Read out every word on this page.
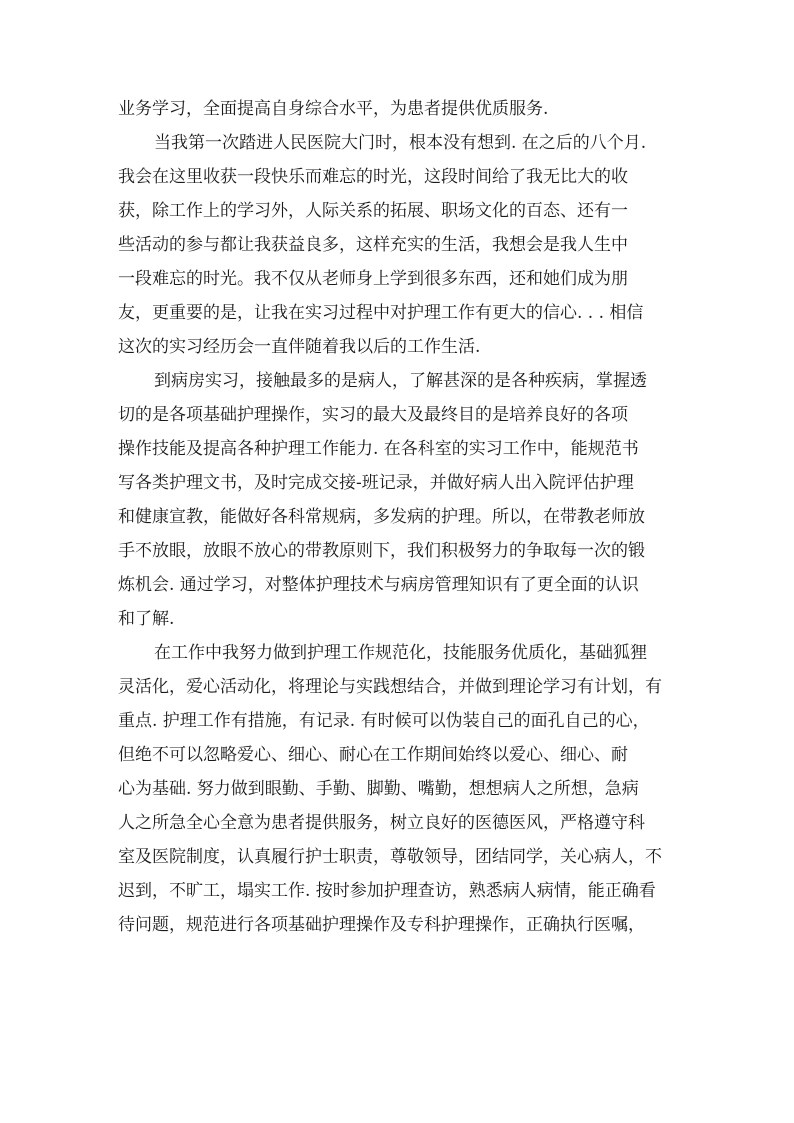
业务学习，全面提高自身综合水平，为患者提供优质服务.
当我第一次踏进人民医院大门时，根本没有想到. 在之后的八个月.
我会在这里收获一段快乐而难忘的时光，这段时间给了我无比大的收
获，除工作上的学习外，人际关系的拓展、职场文化的百态、还有一
些活动的参与都让我获益良多，这样充实的生活，我想会是我人生中
一段难忘的时光。我不仅从老师身上学到很多东西，还和她们成为朋
友，更重要的是，让我在实习过程中对护理工作有更大的信心. . . 相信
这次的实习经历会一直伴随着我以后的工作生活.
到病房实习，接触最多的是病人，了解甚深的是各种疾病，掌握透
切的是各项基础护理操作，实习的最大及最终目的是培养良好的各项
操作技能及提高各种护理工作能力. 在各科室的实习工作中，能规范书
写各类护理文书，及时完成交接-班记录，并做好病人出入院评估护理
和健康宣教，能做好各科常规病，多发病的护理。所以，在带教老师放
手不放眼，放眼不放心的带教原则下，我们积极努力的争取每一次的锻
炼机会. 通过学习，对整体护理技术与病房管理知识有了更全面的认识
和了解.
在工作中我努力做到护理工作规范化，技能服务优质化，基础狐狸
灵活化，爱心活动化，将理论与实践想结合，并做到理论学习有计划，有
重点. 护理工作有措施，有记录. 有时候可以伪装自己的面孔自己的心，
但绝不可以忽略爱心、细心、耐心在工作期间始终以爱心、细心、耐
心为基础. 努力做到眼勤、手勤、脚勤、嘴勤，想想病人之所想，急病
人之所急全心全意为患者提供服务，树立良好的医德医风，严格遵守科
室及医院制度，认真履行护士职责，尊敬领导，团结同学，关心病人，不
迟到，不旷工，塌实工作. 按时参加护理查访，熟悉病人病情，能正确看
待问题，规范进行各项基础护理操作及专科护理操作，正确执行医嘱，
